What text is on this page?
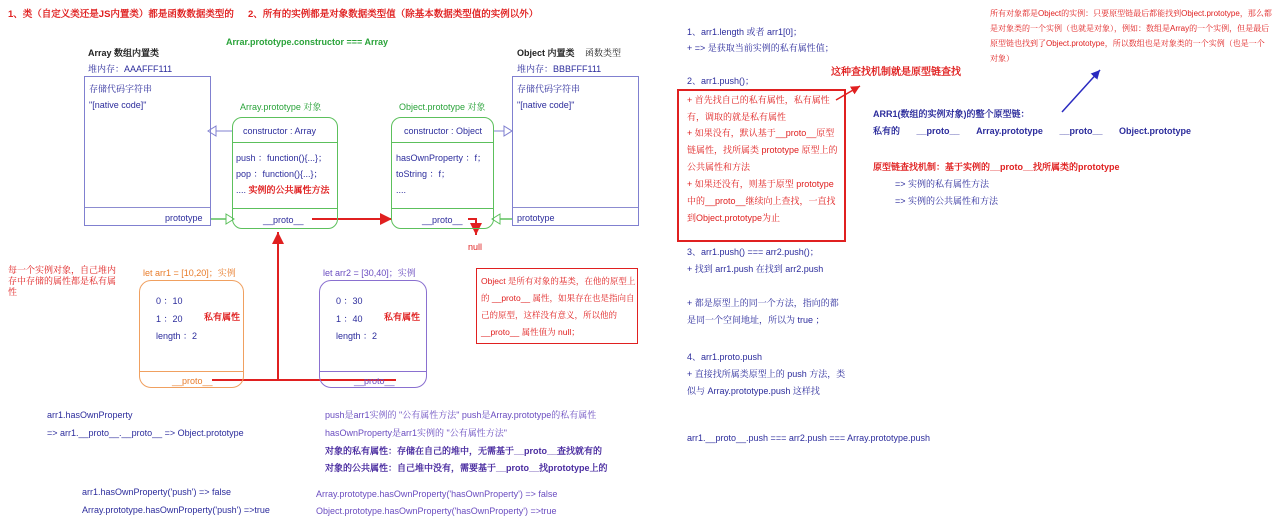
1、类（自定义类还是JS内置类）都是函数数据类型的 2、所有的实例都是对象数据类型值（除基本数据类型值的实例以外）
Arrar.prototype.constructor === Array
Array 数组内置类
堆内存：AAAFFF111
存储代码字符串
"[native code]"
prototype
Array.prototype 对象
constructor : Array
push ：function(){...}；
pop ：function(){...}；
.... 实例的公共属性方法
__proto__
Object.prototype 对象
constructor : Object
hasOwnProperty ：f；
toString ：f；
....
__proto__
null
Object 内置类 函数类型
堆内存：BBBFFF111
存储代码字符串
"[native code]"
prototype
每一个实例对象，自己堆内存中存储的属性都是私有属性
let arr1 = [10,20]；实例
0 ：10
1 ：20 私有属性
length ：2
__proto__
let arr2 = [30,40]；实例
0 ：30
1 ：40 私有属性
length ：2
__proto__
Object 是所有对象的基类，在他的原型上的 __proto__ 属性，如果存在也是指向自己的原型，这样没有意义，所以他的 __proto__ 属性值为 null；
arr1.hasOwnProperty
=> arr1.__proto__.__proto__ => Object.prototype
arr1.hasOwnProperty('push') => false
Array.prototype.hasOwnProperty('push') =>true
push是arr1实例的 "公有属性方法" push是Array.prototype的私有属性
hasOwnProperty是arr1实例的 "公有属性方法"
对象的私有属性：存储在自己的堆中，无需基于__proto__查找就有的
对象的公共属性：自己堆中没有，需要基于__proto__找prototype上的
Array.prototype.hasOwnProperty('hasOwnProperty') => false
Object.prototype.hasOwnProperty('hasOwnProperty') =>true
1、arr1.length 或者 arr1[0]；
+ => 是获取当前实例的私有属性值；
2、arr1.push()；
+ 首先找自己的私有属性，私有属性有，调取的就是私有属性
+ 如果没有，默认基于__proto__原型链属性，找所属类 prototype 原型上的公共属性和方法
+ 如果还没有，则基于原型 prototype 中的__proto__继续向上查找，一直找到Object.prototype为止
这种查找机制就是原型链查找
3、arr1.push() === arr2.push()；
+ 找到 arr1.push 在找到 arr2.push
+ 都是原型上的同一个方法，指向的都是同一个空间地址，所以为 true ；
4、arr1.proto.push
+ 直接找所属类原型上的 push 方法，类似与 Array.prototype.push 这样找
arr1.__proto__.push === arr2.push === Array.prototype.push
所有对象都是Object的实例：只要原型链最后都能找到Object.prototype，那么都是对象类的一个实例（也就是对象），例如：数组是Array的一个实例，但是最后原型链也找到了Object.prototype，所以数组也是对象类的一个实例（也是一个对象）
ARR1(数组的实例对象)的整个原型链：
私有的 __proto__ Array.prototype __proto__ Object.prototype
原型链查找机制：基于实例的__proto__找所属类的prototype
=> 实例的私有属性方法
=> 实例的公共属性和方法
